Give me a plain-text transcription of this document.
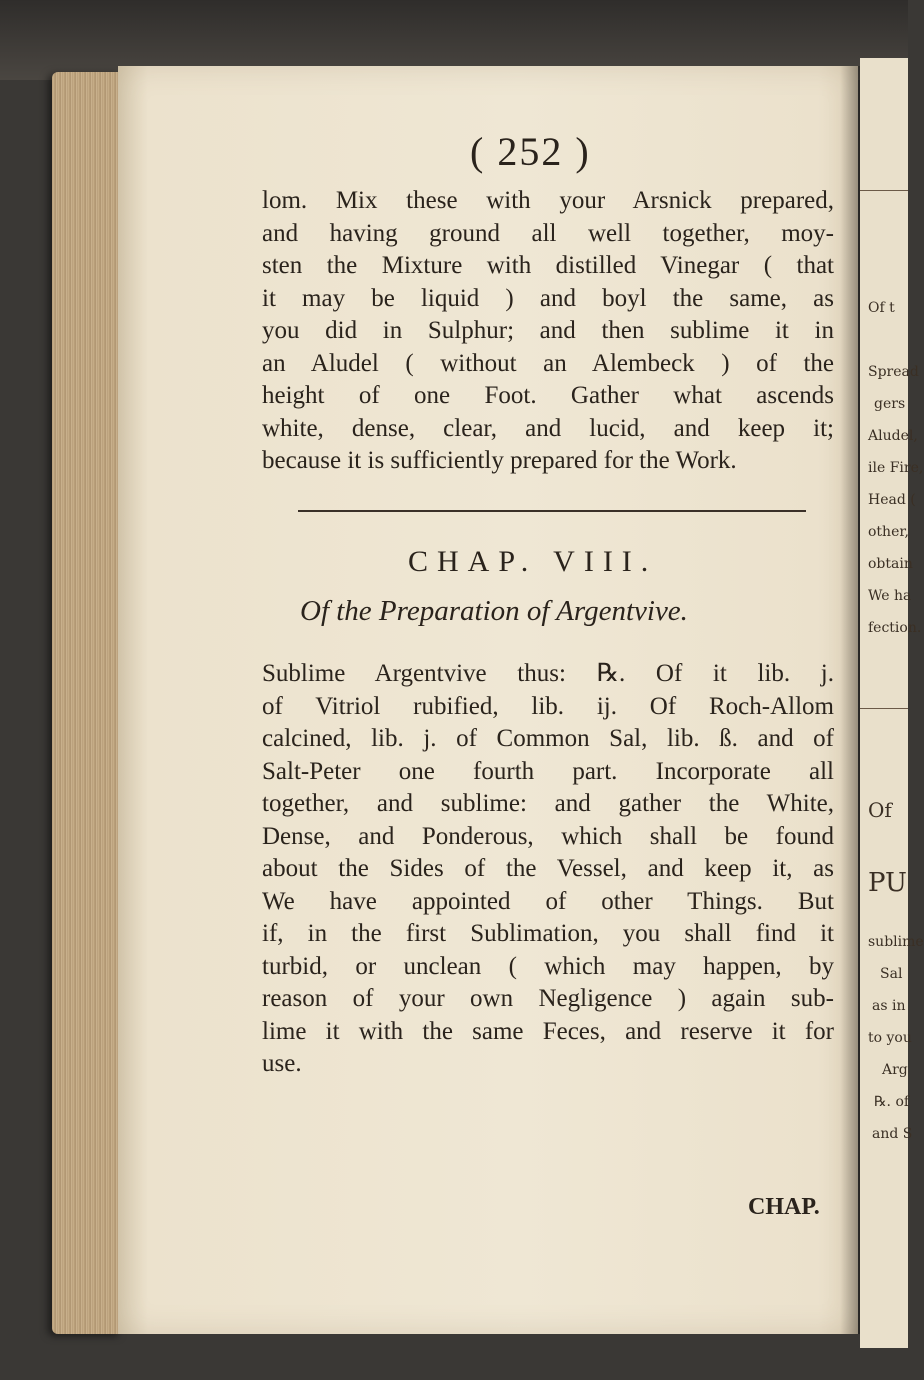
Of t
Spread
gers
Aludel,
ile Fire,
Head (
other,
obtain
We ha
fection.
Of
PU
sublime
Sal
as in
to you
Arg
℞. of
and S
( 252 )
lom. Mix these with your Arsnick prepared,
and having ground all well together, moy-
sten the Mixture with distilled Vinegar ( that
it may be liquid ) and boyl the same, as
you did in Sulphur; and then sublime it in
an Aludel ( without an Alembeck ) of the
height of one Foot. Gather what ascends
white, dense, clear, and lucid, and keep it;
because it is sufficiently prepared for the Work.
CHAP. VIII.
Of the Preparation of Argentvive.
Sublime Argentvive thus: ℞. Of it lib. j.
of Vitriol rubified, lib. ij. Of Roch-Allom
calcined, lib. j. of Common Sal, lib. ß. and of
Salt-Peter one fourth part. Incorporate all
together, and sublime: and gather the White,
Dense, and Ponderous, which shall be found
about the Sides of the Vessel, and keep it, as
We have appointed of other Things. But
if, in the first Sublimation, you shall find it
turbid, or unclean ( which may happen, by
reason of your own Negligence ) again sub-
lime it with the same Feces, and reserve it for
use.
CHAP.
